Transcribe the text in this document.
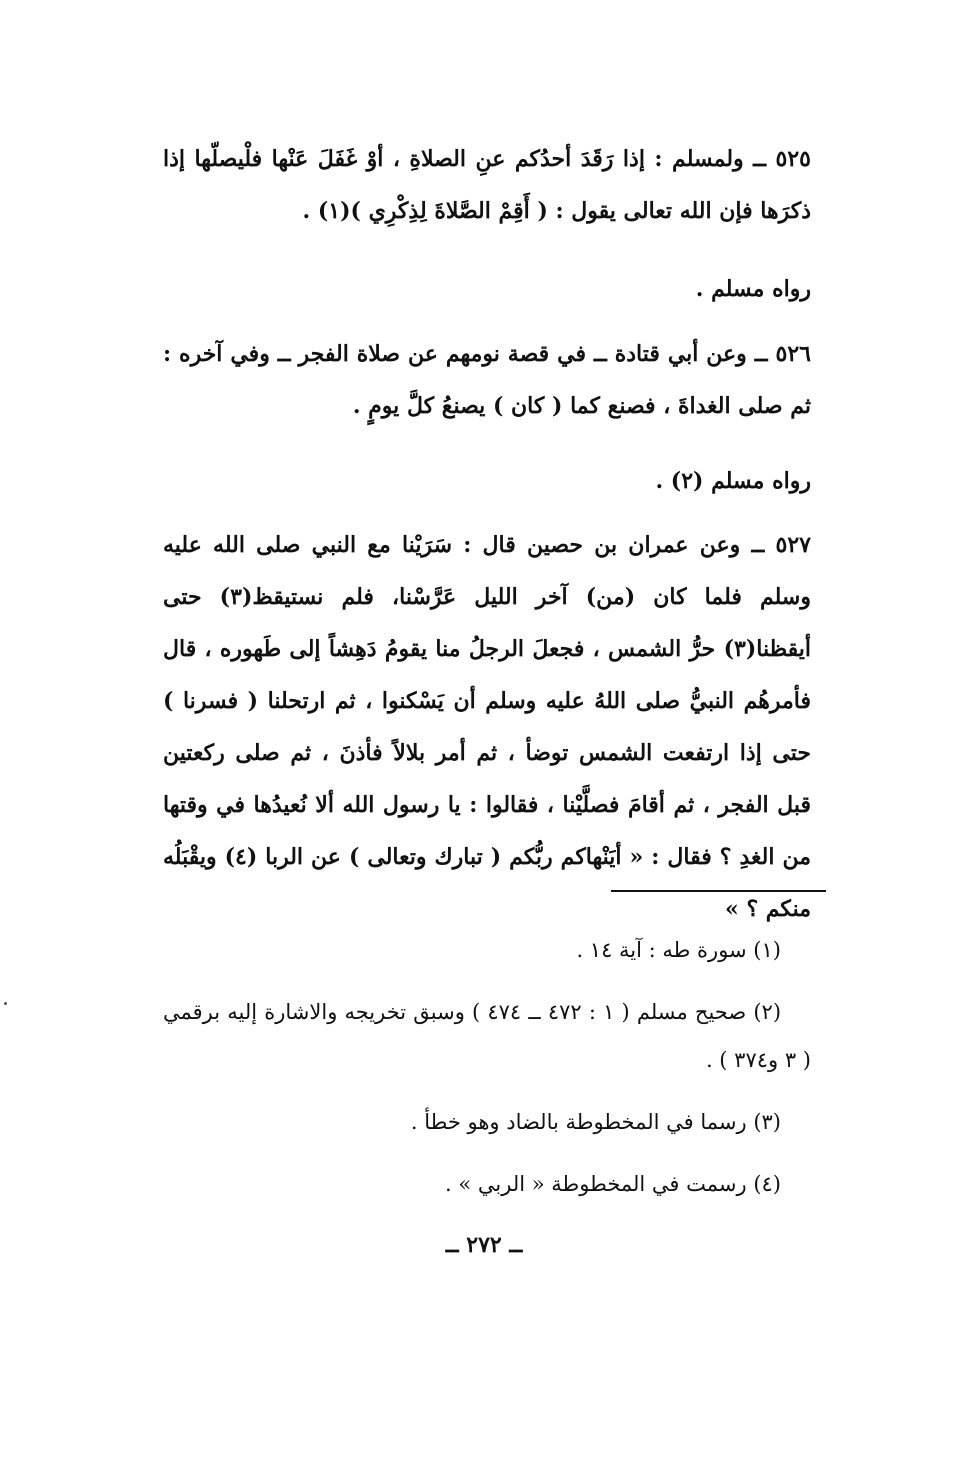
٥٢٥ ــ ولمسلم : إذا رَقَدَ أحدُكم عنِ الصلاةِ ، أوْ غَفَلَ عَنْها فلْيصلّها إذا ذكرَها فإن الله تعالى يقول : ( أَقِمْ الصَّلاةَ لِذِكْرِي )(١) .

رواه مسلم .

٥٢٦ ــ وعن أبي قتادة ــ في قصة نومهم عن صلاة الفجر ــ وفي آخره : ثم صلى الغداةَ ، فصنع كما ( كان ) يصنعُ كلَّ يومٍ .

رواه مسلم (٢) .

٥٢٧ ــ وعن عمران بن حصين قال : سَرَيْنا مع النبي صلى الله عليه وسلم فلما كان (من) آخر الليل عَرَّسْنا، فلم نستيقظ(٣) حتى أيقظنا(٣) حرُّ الشمس ، فجعلَ الرجلُ منا يقومُ دَهِشاً إلى طَهوره ، قال فأمرهُم النبيُّ صلى اللهُ عليه وسلم أن يَسْكنوا ، ثم ارتحلنا ( فسرنا ) حتى إذا ارتفعت الشمس توضأ ، ثم أمر بلالاً فأذنَ ، ثم صلى ركعتين قبل الفجر ، ثم أقامَ فصلَّيْنا ، فقالوا : يا رسول الله ألا نُعيدُها في وقتها من الغدِ ؟ فقال : « أيَنْهاكم ربُّكم ( تبارك وتعالى ) عن الربا (٤) ويقْبَلُه منكم ؟ »

(١) سورة طه : آية ١٤ .

(٢) صحيح مسلم ( ١ : ٤٧٢ ــ ٤٧٤ ) وسبق تخريجه والاشارة إليه برقمي ( ٣ و٣٧٤ ) .

(٣) رسما في المخطوطة بالضاد وهو خطأ .

(٤) رسمت في المخطوطة « الربي » .

ــ ٢٧٢ ــ
